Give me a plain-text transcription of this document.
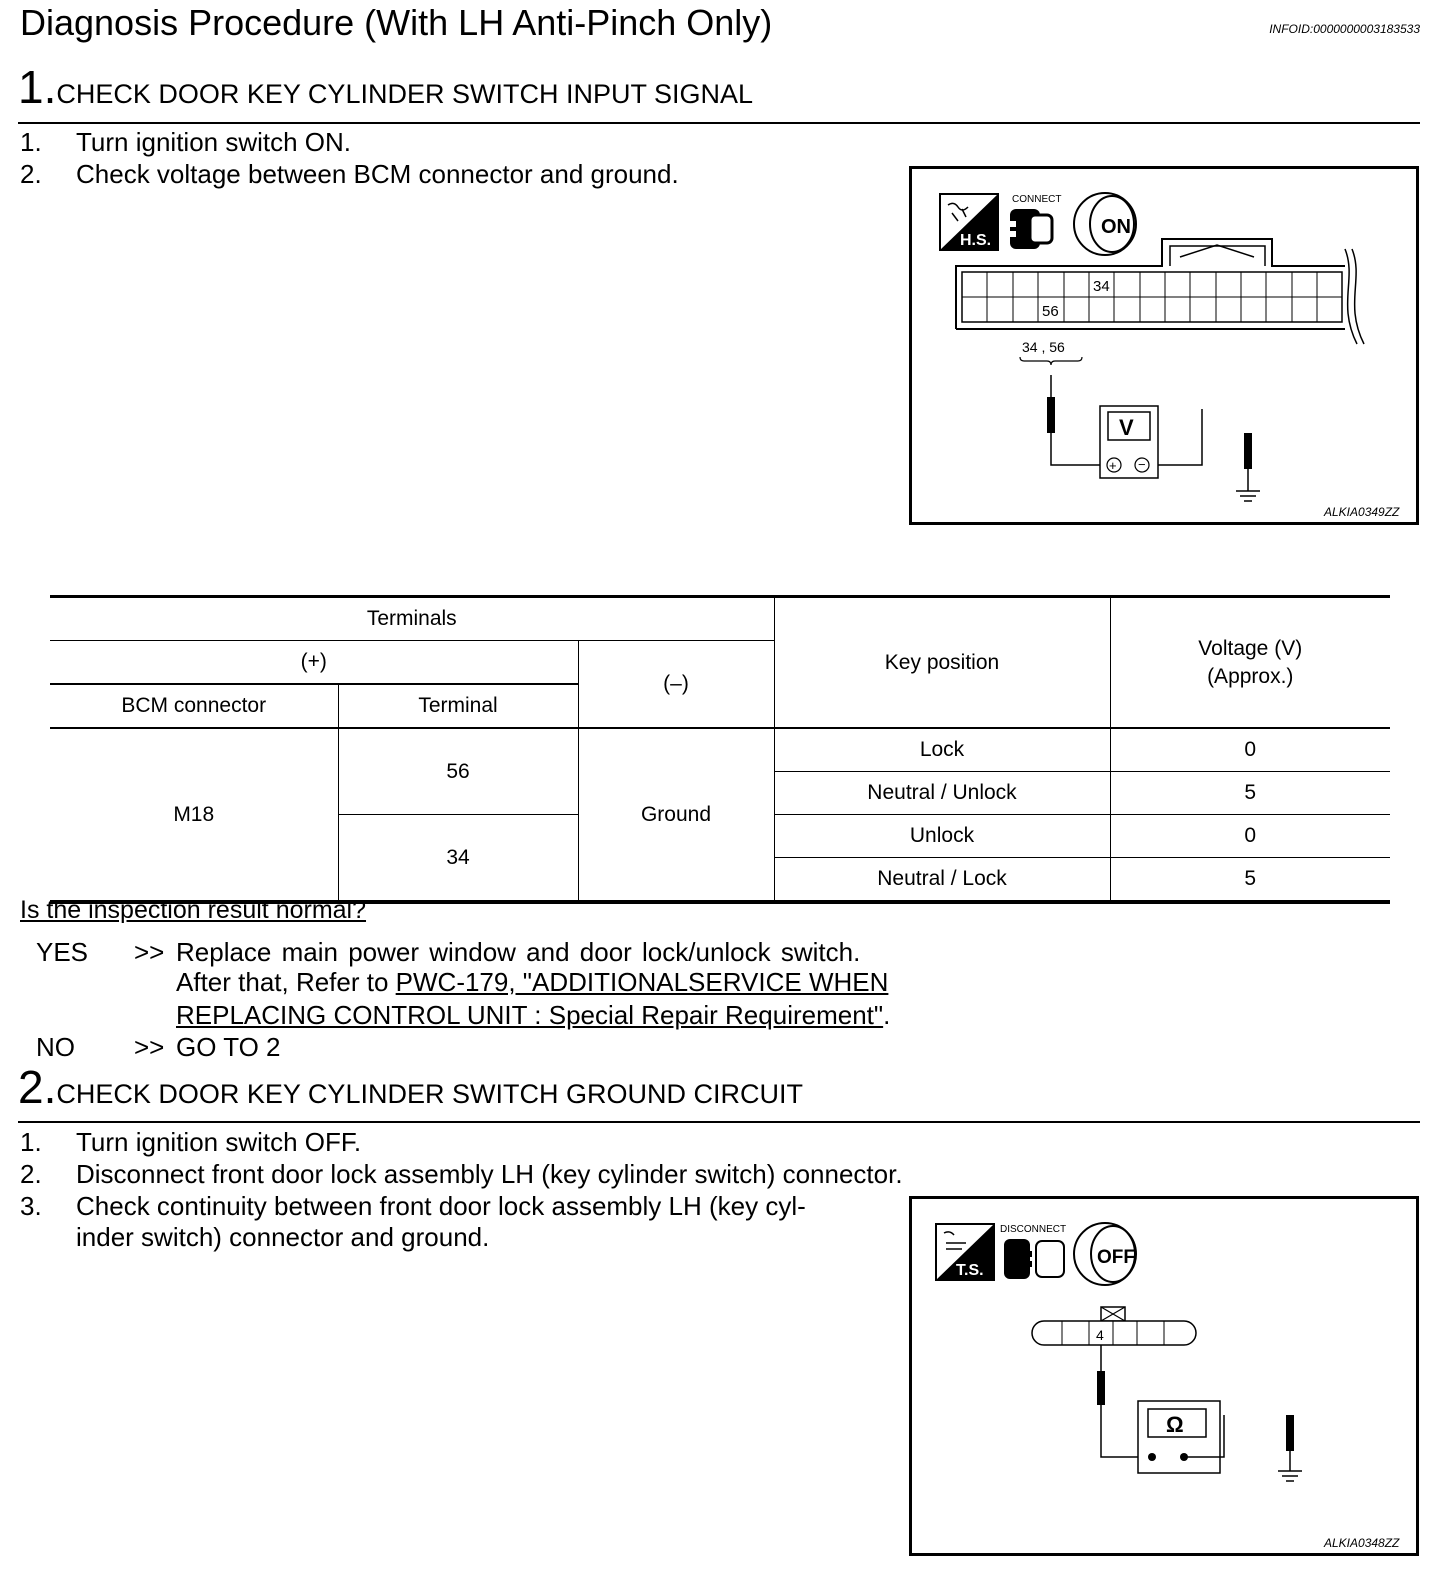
Diagnosis Procedure (With LH Anti-Pinch Only)	INFOID:0000000003183533
1.CHECK DOOR KEY CYLINDER SWITCH INPUT SIGNAL
1. Turn ignition switch ON.
2. Check voltage between BCM connector and ground.
H.S.
CONNECT
ON
34
56
34 , 56
V
+ −
ALKIA0349ZZ
Terminals			Key position	Voltage (V)
(Approx.)

(+)		(–)		
BCM connector	Terminal			
M18	56	Ground	Lock	0
			Neutral / Unlock	5
	34		Unlock	0
			Neutral / Lock	5
Is the inspection result normal?
YES >> Replace main power window and door lock/unlock switch.
After that, Refer to PWC-179, "ADDITIONALSERVICE WHEN
REPLACING CONTROL UNIT : Special Repair Requirement".
NO >> GO TO 2
2.CHECK DOOR KEY CYLINDER SWITCH GROUND CIRCUIT
1. Turn ignition switch OFF.
2. Disconnect front door lock assembly LH (key cylinder switch) connector.
3. Check continuity between front door lock assembly LH (key cyl-
inder switch) connector and ground.
T.S.
DISCONNECT
OFF
4
Ω
ALKIA0348ZZ
